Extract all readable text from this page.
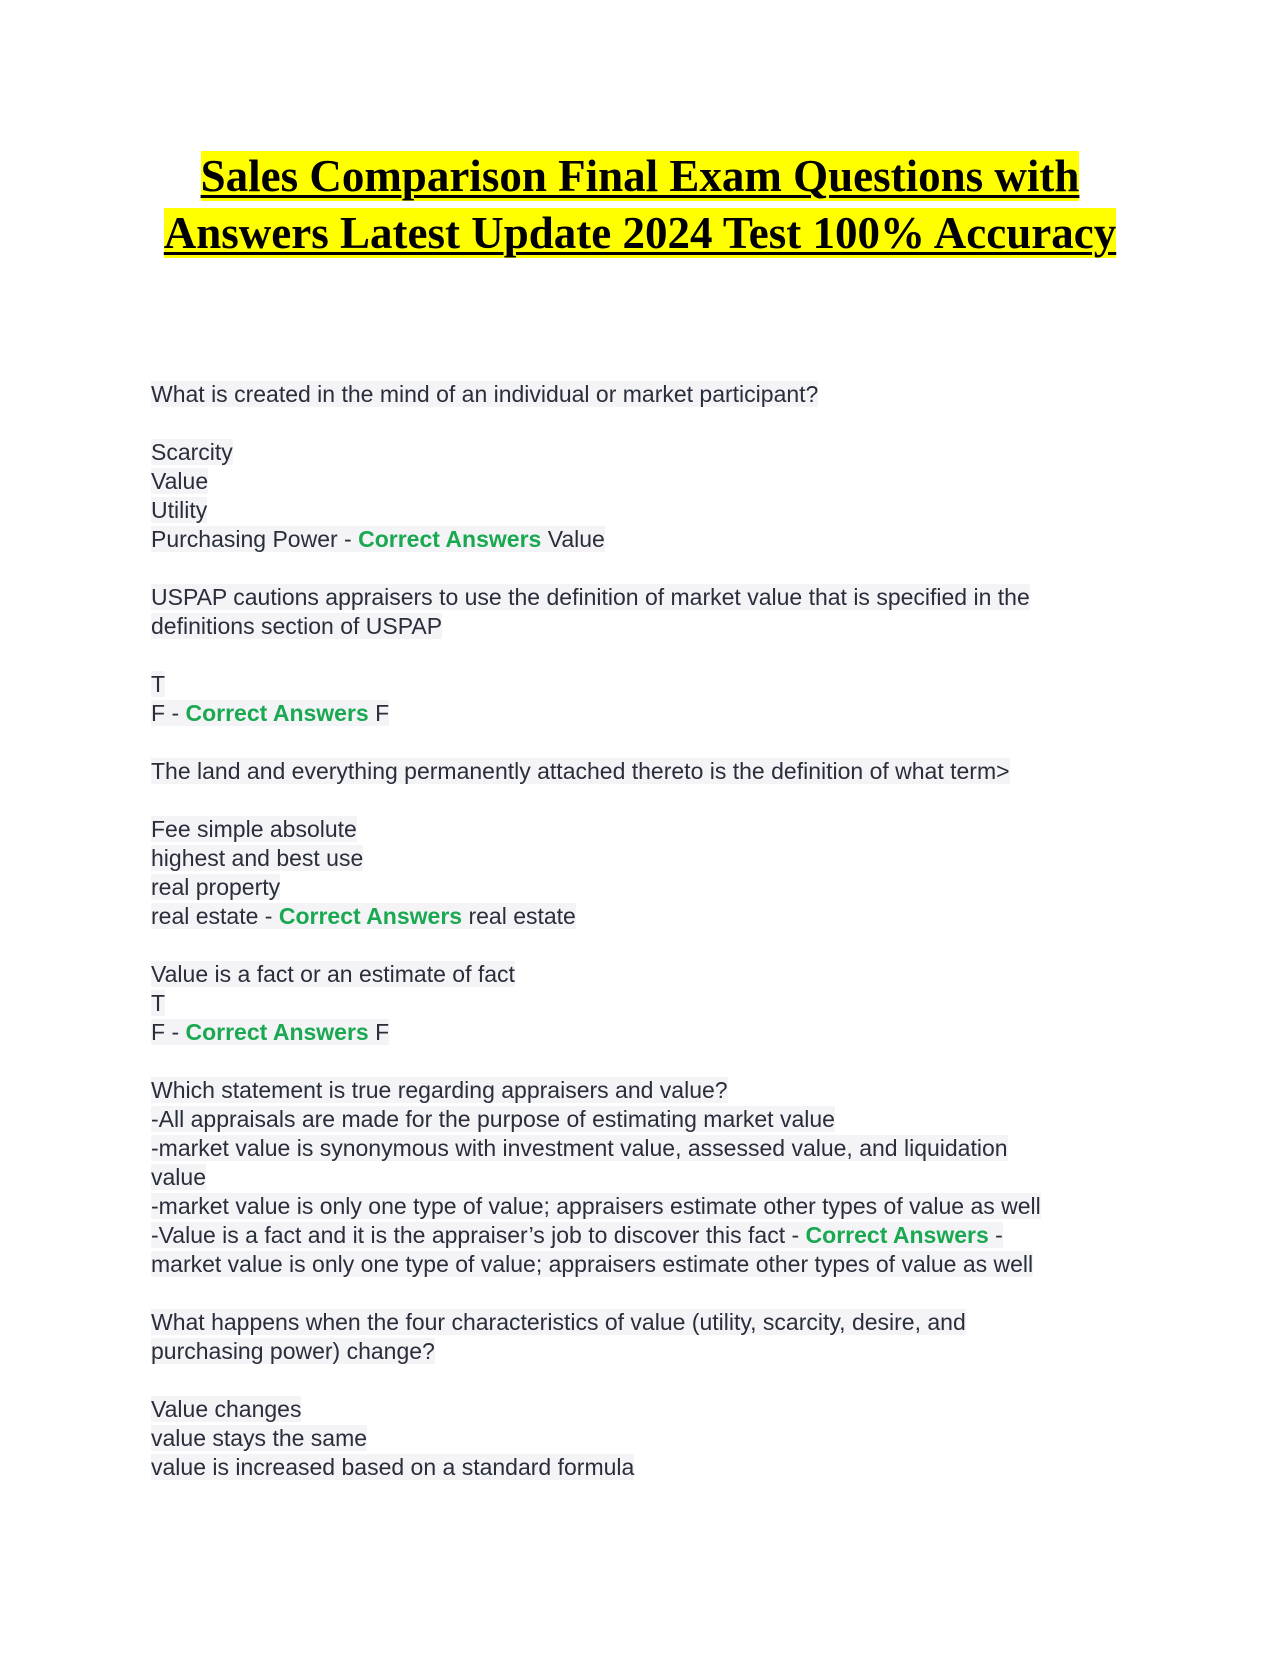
Sales Comparison Final Exam Questions with Answers Latest Update 2024 Test 100% Accuracy
What is created in the mind of an individual or market participant?
Scarcity
Value
Utility
Purchasing Power - Correct Answers Value
USPAP cautions appraisers to use the definition of market value that is specified in the
definitions section of USPAP
T
F - Correct Answers F
The land and everything permanently attached thereto is the definition of what term>
Fee simple absolute
highest and best use
real property
real estate - Correct Answers real estate
Value is a fact or an estimate of fact
T
F - Correct Answers F
Which statement is true regarding appraisers and value?
-All appraisals are made for the purpose of estimating market value
-market value is synonymous with investment value, assessed value, and liquidation
value
-market value is only one type of value; appraisers estimate other types of value as well
-Value is a fact and it is the appraiser’s job to discover this fact - Correct Answers -
market value is only one type of value; appraisers estimate other types of value as well
What happens when the four characteristics of value (utility, scarcity, desire, and
purchasing power) change?
Value changes
value stays the same
value is increased based on a standard formula
